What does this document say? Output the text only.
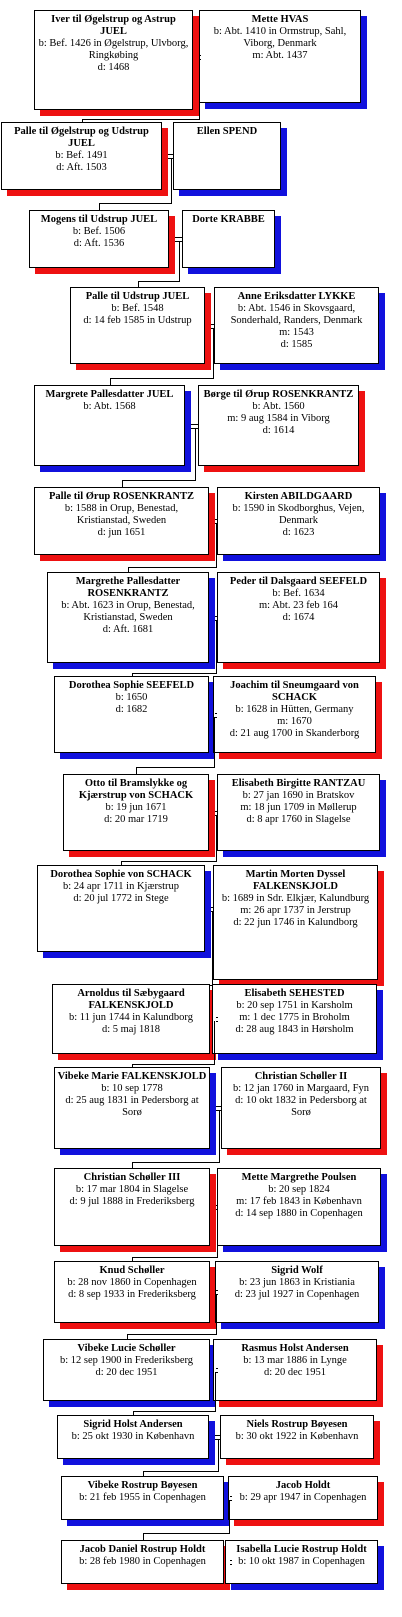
Iver til Øgelstrup og Astrup JUEL
b: Bef. 1426 in Øgelstrup, Ulvborg, Ringkøbing
d: 1468
Mette HVAS
b: Abt. 1410 in Ormstrup, Sahl, Viborg, Denmark
m: Abt. 1437
Palle til Øgelstrup og Udstrup JUEL
b: Bef. 1491
d: Aft. 1503
Ellen SPEND
Mogens til Udstrup JUEL
b: Bef. 1506
d: Aft. 1536
Dorte KRABBE
Palle til Udstrup JUEL
b: Bef. 1548
d: 14 feb 1585 in Udstrup
Anne Eriksdatter LYKKE
b: Abt. 1546 in Skovsgaard, Sonderhald, Randers, Denmark
m: 1543
d: 1585
Margrete Pallesdatter JUEL
b: Abt. 1568
Børge til Ørup ROSENKRANTZ
b: Abt. 1560
m: 9 aug 1584 in Viborg
d: 1614
Palle til Ørup ROSENKRANTZ
b: 1588 in Orup, Benestad, Kristianstad, Sweden
d: jun 1651
Kirsten ABILDGAARD
b: 1590 in Skodborghus, Vejen, Denmark
d: 1623
Margrethe Pallesdatter ROSENKRANTZ
b: Abt. 1623 in Orup, Benestad, Kristianstad, Sweden
d: Aft. 1681
Peder til Dalsgaard SEEFELD
b: Bef. 1634
m: Abt. 23 feb 164
d: 1674
Dorothea Sophie SEEFELD
b: 1650
d: 1682
Joachim til Sneumgaard von SCHACK
b: 1628 in Hütten, Germany
m: 1670
d: 21 aug 1700 in Skanderborg
Otto til Bramslykke og Kjærstrup von SCHACK
b: 19 jun 1671
d: 20 mar 1719
Elisabeth Birgitte RANTZAU
b: 27 jan 1690 in Bratskov
m: 18 jun 1709 in Møllerup
d: 8 apr 1760 in Slagelse
Dorothea Sophie von SCHACK
b: 24 apr 1711 in Kjærstrup
d: 20 jul 1772 in Stege
Martin Morten Dyssel FALKENSKJOLD
b: 1689 in Sdr. Elkjær, Kalundburg
m: 26 apr 1737 in Jerstrup
d: 22 jun 1746 in Kalundborg
Arnoldus til Sæbygaard FALKENSKJOLD
b: 11 jun 1744 in Kalundborg
d: 5 maj 1818
Elisabeth SEHESTED
b: 20 sep 1751 in Karsholm
m: 1 dec 1775 in Broholm
d: 28 aug 1843 in Hørsholm
Vibeke Marie FALKENSKJOLD
b: 10 sep 1778
d: 25 aug 1831 in Pedersborg at Sorø
Christian Schøller II
b: 12 jan 1760 in Margaard, Fyn
d: 10 okt 1832 in Pedersborg at Sorø
Christian Schøller III
b: 17 mar 1804 in Slagelse
d: 9 jul 1888 in Frederiksberg
Mette Margrethe Poulsen
b: 20 sep 1824
m: 17 feb 1843 in København
d: 14 sep 1880 in Copenhagen
Knud Schøller
b: 28 nov 1860 in Copenhagen
d: 8 sep 1933 in Frederiksberg
Sigrid Wolf
b: 23 jun 1863 in Kristiania
d: 23 jul 1927 in Copenhagen
Vibeke Lucie Schøller
b: 12 sep 1900 in Frederiksberg
d: 20 dec 1951
Rasmus Holst Andersen
b: 13 mar 1886 in Lynge
d: 20 dec 1951
Sigrid Holst Andersen
b: 25 okt 1930 in København
Niels Rostrup Bøyesen
b: 30 okt 1922 in København
Vibeke Rostrup Bøyesen
b: 21 feb 1955 in Copenhagen
Jacob Holdt
b: 29 apr 1947 in Copenhagen
Jacob Daniel Rostrup Holdt
b: 28 feb 1980 in Copenhagen
Isabella Lucie Rostrup Holdt
b: 10 okt 1987 in Copenhagen
